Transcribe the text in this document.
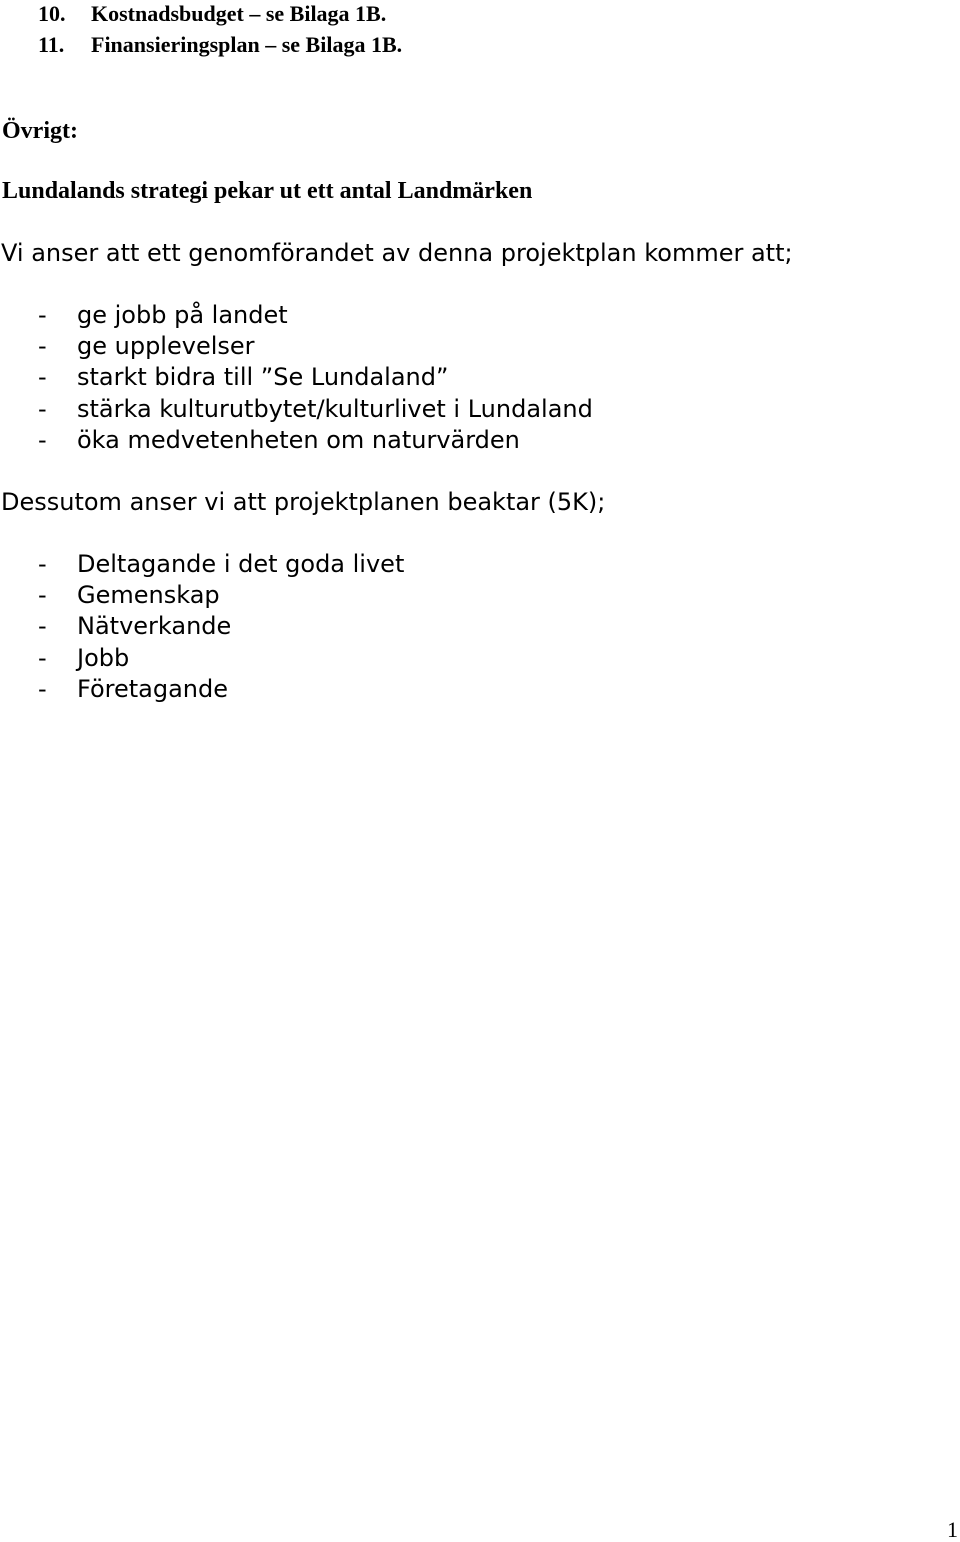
10. Kostnadsbudget – se Bilaga 1B.
11. Finansieringsplan – se Bilaga 1B.
Övrigt:
Lundalands strategi pekar ut ett antal Landmärken
Vi anser att ett genomförandet av denna projektplan kommer att;
- ge jobb på landet
- ge upplevelser
- starkt bidra till ”Se Lundaland”
- stärka kulturutbytet/kulturlivet i Lundaland
- öka medvetenheten om naturvärden
Dessutom anser vi att projektplanen beaktar (5K);
- Deltagande i det goda livet
- Gemenskap
- Nätverkande
- Jobb
- Företagande
1
